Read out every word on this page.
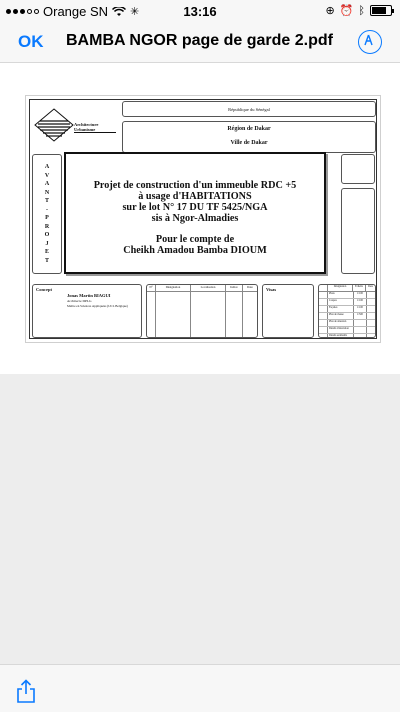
Orange SN ✳	13:16	⊕ ⏰ ᛒ
OK BAMBA NGOR page de garde 2.pdf
Architecture
Urbanisme
République du Sénégal
Région de Dakar
Ville de Dakar
A
V
A
N
T
-
P
R
O
J
E
T
Projet de construction d'un immeuble RDC +5
à usage d'HABITATIONS
sur le lot N° 17 DU TF 5425/NGA
sis à Ngor-Almadies
Pour le compte de
Cheikh Amadou Bamba DIOUM
Concept
Jonas Martin BIAGUI
Architecte DPLG
Maître en Sciences Appliquées (UCL Belgique)
N°	Désignation	Localisation	Indice	Date	Visas
Désignation	Échelle	Date
Plans	1/100
Coupes	1/100
Façades	1/100
Plan de masse	1/500
Plan de situation
Détails d'éxécution
Détails estimatifs
